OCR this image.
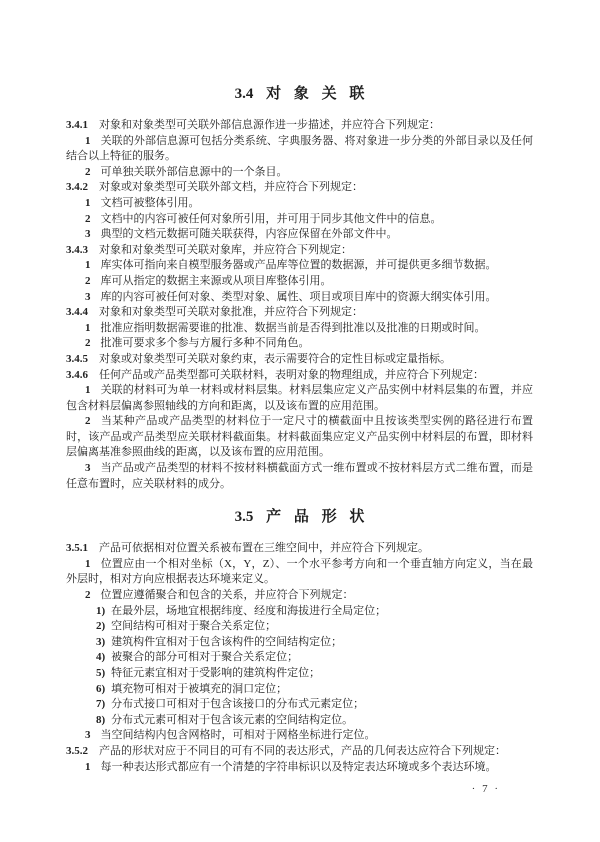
3.4 对 象 关 联

3.4.1 对象和对象类型可关联外部信息源作进一步描述，并应符合下列规定：

1 关联的外部信息源可包括分类系统、字典服务器、将对象进一步分类的外部目录以及任何结合以上特征的服务。

2 可单独关联外部信息源中的一个条目。

3.4.2 对象或对象类型可关联外部文档，并应符合下列规定：

1 文档可被整体引用。

2 文档中的内容可被任何对象所引用，并可用于同步其他文件中的信息。

3 典型的文档元数据可随关联获得，内容应保留在外部文件中。

3.4.3 对象和对象类型可关联对象库，并应符合下列规定：

1 库实体可指向来自模型服务器或产品库等位置的数据源，并可提供更多细节数据。

2 库可从指定的数据主来源或从项目库整体引用。

3 库的内容可被任何对象、类型对象、属性、项目或项目库中的资源大纲实体引用。

3.4.4 对象和对象类型可关联对象批准，并应符合下列规定：

1 批准应指明数据需要谁的批准、数据当前是否得到批准以及批准的日期或时间。

2 批准可要求多个参与方履行多种不同角色。

3.4.5 对象或对象类型可关联对象约束，表示需要符合的定性目标或定量指标。

3.4.6 任何产品或产品类型都可关联材料，表明对象的物理组成，并应符合下列规定：

1 关联的材料可为单一材料或材料层集。材料层集应定义产品实例中材料层集的布置，并应包含材料层偏离参照轴线的方向和距离，以及该布置的应用范围。

2 当某种产品或产品类型的材料位于一定尺寸的横截面中且按该类型实例的路径进行布置时，该产品或产品类型应关联材料截面集。材料截面集应定义产品实例中材料层的布置，即材料层偏离基准参照曲线的距离，以及该布置的应用范围。

3 当产品或产品类型的材料不按材料横截面方式一维布置或不按材料层方式二维布置，而是任意布置时，应关联材料的成分。

3.5 产 品 形 状

3.5.1 产品可依据相对位置关系被布置在三维空间中，并应符合下列规定。

1 位置应由一个相对坐标（X，Y，Z）、一个水平参考方向和一个垂直轴方向定义，当在最外层时，相对方向应根据表达环境来定义。

2 位置应遵循聚合和包含的关系，并应符合下列规定：

1) 在最外层，场地宜根据纬度、经度和海拔进行全局定位；

2) 空间结构可相对于聚合关系定位；

3) 建筑构件宜相对于包含该构件的空间结构定位；

4) 被聚合的部分可相对于聚合关系定位；

5) 特征元素宜相对于受影响的建筑构件定位；

6) 填充物可相对于被填充的洞口定位；

7) 分布式接口可相对于包含该接口的分布式元素定位；

8) 分布式元素可相对于包含该元素的空间结构定位。

3 当空间结构内包含网格时，可相对于网格坐标进行定位。

3.5.2 产品的形状对应于不同目的可有不同的表达形式，产品的几何表达应符合下列规定：

1 每一种表达形式都应有一个清楚的字符串标识以及特定表达环境或多个表达环境。

· 7 ·
